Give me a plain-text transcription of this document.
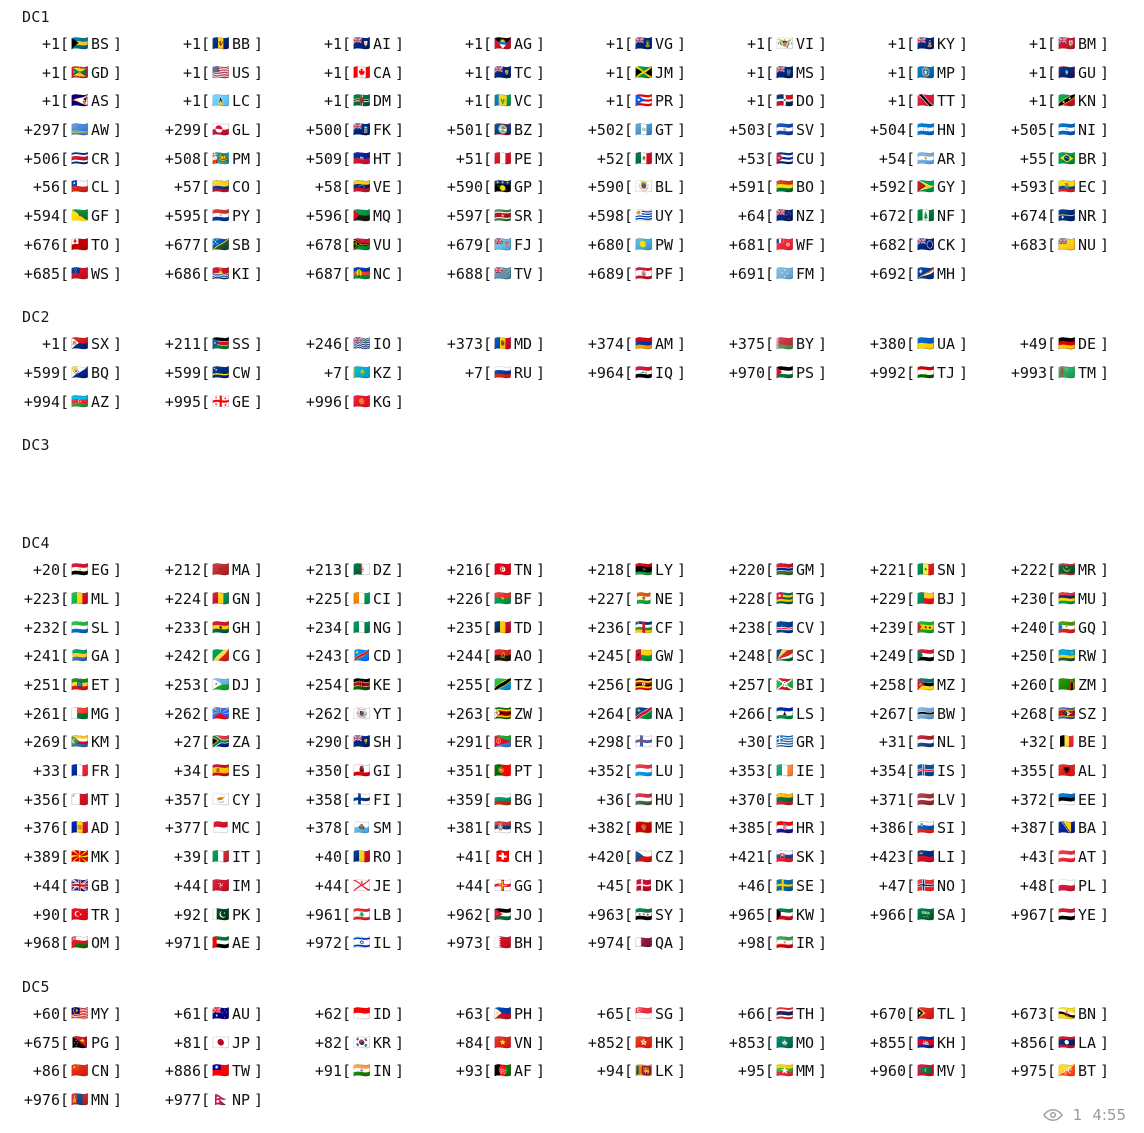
DC1
+1 [ 🇧🇸 BS ]	+1 [ 🇧🇧 BB ]	+1 [ 🇦🇮 AI ]	+1 [ 🇦🇬 AG ]	+1 [ 🇻🇬 VG ]	+1 [ 🇻🇮 VI ]	+1 [ 🇰🇾 KY ]	+1 [ 🇧🇲 BM ]
+1 [ 🇬🇩 GD ]	+1 [ 🇺🇸 US ]	+1 [ 🇨🇦 CA ]	+1 [ 🇹🇨 TC ]	+1 [ 🇯🇲 JM ]	+1 [ 🇲🇸 MS ]	+1 [ 🇲🇵 MP ]	+1 [ 🇬🇺 GU ]
+1 [ 🇦🇸 AS ]	+1 [ 🇱🇨 LC ]	+1 [ 🇩🇲 DM ]	+1 [ 🇻🇨 VC ]	+1 [ 🇵🇷 PR ]	+1 [ 🇩🇴 DO ]	+1 [ 🇹🇹 TT ]	+1 [ 🇰🇳 KN ]
+297 [ 🇦🇼 AW ]	+299 [ 🇬🇱 GL ]	+500 [ 🇫🇰 FK ]	+501 [ 🇧🇿 BZ ]	+502 [ 🇬🇹 GT ]	+503 [ 🇸🇻 SV ]	+504 [ 🇭🇳 HN ]	+505 [ 🇳🇮 NI ]
+506 [ 🇨🇷 CR ]	+508 [ 🇵🇲 PM ]	+509 [ 🇭🇹 HT ]	+51 [ 🇵🇪 PE ]	+52 [ 🇲🇽 MX ]	+53 [ 🇨🇺 CU ]	+54 [ 🇦🇷 AR ]	+55 [ 🇧🇷 BR ]
+56 [ 🇨🇱 CL ]	+57 [ 🇨🇴 CO ]	+58 [ 🇻🇪 VE ]	+590 [ 🇬🇵 GP ]	+590 [ 🇧🇱 BL ]	+591 [ 🇧🇴 BO ]	+592 [ 🇬🇾 GY ]	+593 [ 🇪🇨 EC ]
+594 [ 🇬🇫 GF ]	+595 [ 🇵🇾 PY ]	+596 [ 🇲🇶 MQ ]	+597 [ 🇸🇷 SR ]	+598 [ 🇺🇾 UY ]	+64 [ 🇳🇿 NZ ]	+672 [ 🇳🇫 NF ]	+674 [ 🇳🇷 NR ]
+676 [ 🇹🇴 TO ]	+677 [ 🇸🇧 SB ]	+678 [ 🇻🇺 VU ]	+679 [ 🇫🇯 FJ ]	+680 [ 🇵🇼 PW ]	+681 [ 🇼🇫 WF ]	+682 [ 🇨🇰 CK ]	+683 [ 🇳🇺 NU ]
+685 [ 🇼🇸 WS ]	+686 [ 🇰🇮 KI ]	+687 [ 🇳🇨 NC ]	+688 [ 🇹🇻 TV ]	+689 [ 🇵🇫 PF ]	+691 [ 🇫🇲 FM ]	+692 [ 🇲🇭 MH ]
DC2
+1 [ 🇸🇽 SX ]	+211 [ 🇸🇸 SS ]	+246 [ 🇮🇴 IO ]	+373 [ 🇲🇩 MD ]	+374 [ 🇦🇲 AM ]	+375 [ 🇧🇾 BY ]	+380 [ 🇺🇦 UA ]	+49 [ 🇩🇪 DE ]
+599 [ 🇧🇶 BQ ]	+599 [ 🇨🇼 CW ]	+7 [ 🇰🇿 KZ ]	+7 [ 🇷🇺 RU ]	+964 [ 🇮🇶 IQ ]	+970 [ 🇵🇸 PS ]	+992 [ 🇹🇯 TJ ]	+993 [ 🇹🇲 TM ]
+994 [ 🇦🇿 AZ ]	+995 [ 🇬🇪 GE ]	+996 [ 🇰🇬 KG ]
DC3
DC4
+20 [ 🇪🇬 EG ]	+212 [ 🇲🇦 MA ]	+213 [ 🇩🇿 DZ ]	+216 [ 🇹🇳 TN ]	+218 [ 🇱🇾 LY ]	+220 [ 🇬🇲 GM ]	+221 [ 🇸🇳 SN ]	+222 [ 🇲🇷 MR ]
+223 [ 🇲🇱 ML ]	+224 [ 🇬🇳 GN ]	+225 [ 🇨🇮 CI ]	+226 [ 🇧🇫 BF ]	+227 [ 🇳🇪 NE ]	+228 [ 🇹🇬 TG ]	+229 [ 🇧🇯 BJ ]	+230 [ 🇲🇺 MU ]
+232 [ 🇸🇱 SL ]	+233 [ 🇬🇭 GH ]	+234 [ 🇳🇬 NG ]	+235 [ 🇹🇩 TD ]	+236 [ 🇨🇫 CF ]	+238 [ 🇨🇻 CV ]	+239 [ 🇸🇹 ST ]	+240 [ 🇬🇶 GQ ]
+241 [ 🇬🇦 GA ]	+242 [ 🇨🇬 CG ]	+243 [ 🇨🇩 CD ]	+244 [ 🇦🇴 AO ]	+245 [ 🇬🇼 GW ]	+248 [ 🇸🇨 SC ]	+249 [ 🇸🇩 SD ]	+250 [ 🇷🇼 RW ]
+251 [ 🇪🇹 ET ]	+253 [ 🇩🇯 DJ ]	+254 [ 🇰🇪 KE ]	+255 [ 🇹🇿 TZ ]	+256 [ 🇺🇬 UG ]	+257 [ 🇧🇮 BI ]	+258 [ 🇲🇿 MZ ]	+260 [ 🇿🇲 ZM ]
+261 [ 🇲🇬 MG ]	+262 [ 🇷🇪 RE ]	+262 [ 🇾🇹 YT ]	+263 [ 🇿🇼 ZW ]	+264 [ 🇳🇦 NA ]	+266 [ 🇱🇸 LS ]	+267 [ 🇧🇼 BW ]	+268 [ 🇸🇿 SZ ]
+269 [ 🇰🇲 KM ]	+27 [ 🇿🇦 ZA ]	+290 [ 🇸🇭 SH ]	+291 [ 🇪🇷 ER ]	+298 [ 🇫🇴 FO ]	+30 [ 🇬🇷 GR ]	+31 [ 🇳🇱 NL ]	+32 [ 🇧🇪 BE ]
+33 [ 🇫🇷 FR ]	+34 [ 🇪🇸 ES ]	+350 [ 🇬🇮 GI ]	+351 [ 🇵🇹 PT ]	+352 [ 🇱🇺 LU ]	+353 [ 🇮🇪 IE ]	+354 [ 🇮🇸 IS ]	+355 [ 🇦🇱 AL ]
+356 [ 🇲🇹 MT ]	+357 [ 🇨🇾 CY ]	+358 [ 🇫🇮 FI ]	+359 [ 🇧🇬 BG ]	+36 [ 🇭🇺 HU ]	+370 [ 🇱🇹 LT ]	+371 [ 🇱🇻 LV ]	+372 [ 🇪🇪 EE ]
+376 [ 🇦🇩 AD ]	+377 [ 🇲🇨 MC ]	+378 [ 🇸🇲 SM ]	+381 [ 🇷🇸 RS ]	+382 [ 🇲🇪 ME ]	+385 [ 🇭🇷 HR ]	+386 [ 🇸🇮 SI ]	+387 [ 🇧🇦 BA ]
+389 [ 🇲🇰 MK ]	+39 [ 🇮🇹 IT ]	+40 [ 🇷🇴 RO ]	+41 [ 🇨🇭 CH ]	+420 [ 🇨🇿 CZ ]	+421 [ 🇸🇰 SK ]	+423 [ 🇱🇮 LI ]	+43 [ 🇦🇹 AT ]
+44 [ 🇬🇧 GB ]	+44 [ 🇮🇲 IM ]	+44 [ 🇯🇪 JE ]	+44 [ 🇬🇬 GG ]	+45 [ 🇩🇰 DK ]	+46 [ 🇸🇪 SE ]	+47 [ 🇳🇴 NO ]	+48 [ 🇵🇱 PL ]
+90 [ 🇹🇷 TR ]	+92 [ 🇵🇰 PK ]	+961 [ 🇱🇧 LB ]	+962 [ 🇯🇴 JO ]	+963 [ 🇸🇾 SY ]	+965 [ 🇰🇼 KW ]	+966 [ 🇸🇦 SA ]	+967 [ 🇾🇪 YE ]
+968 [ 🇴🇲 OM ]	+971 [ 🇦🇪 AE ]	+972 [ 🇮🇱 IL ]	+973 [ 🇧🇭 BH ]	+974 [ 🇶🇦 QA ]	+98 [ 🇮🇷 IR ]
DC5
+60 [ 🇲🇾 MY ]	+61 [ 🇦🇺 AU ]	+62 [ 🇮🇩 ID ]	+63 [ 🇵🇭 PH ]	+65 [ 🇸🇬 SG ]	+66 [ 🇹🇭 TH ]	+670 [ 🇹🇱 TL ]	+673 [ 🇧🇳 BN ]
+675 [ 🇵🇬 PG ]	+81 [ 🇯🇵 JP ]	+82 [ 🇰🇷 KR ]	+84 [ 🇻🇳 VN ]	+852 [ 🇭🇰 HK ]	+853 [ 🇲🇴 MO ]	+855 [ 🇰🇭 KH ]	+856 [ 🇱🇦 LA ]
+86 [ 🇨🇳 CN ]	+886 [ 🇹🇼 TW ]	+91 [ 🇮🇳 IN ]	+93 [ 🇦🇫 AF ]	+94 [ 🇱🇰 LK ]	+95 [ 🇲🇲 MM ]	+960 [ 🇲🇻 MV ]	+975 [ 🇧🇹 BT ]
+976 [ 🇲🇳 MN ]	+977 [ 🇳🇵 NP ]
1 4:55
